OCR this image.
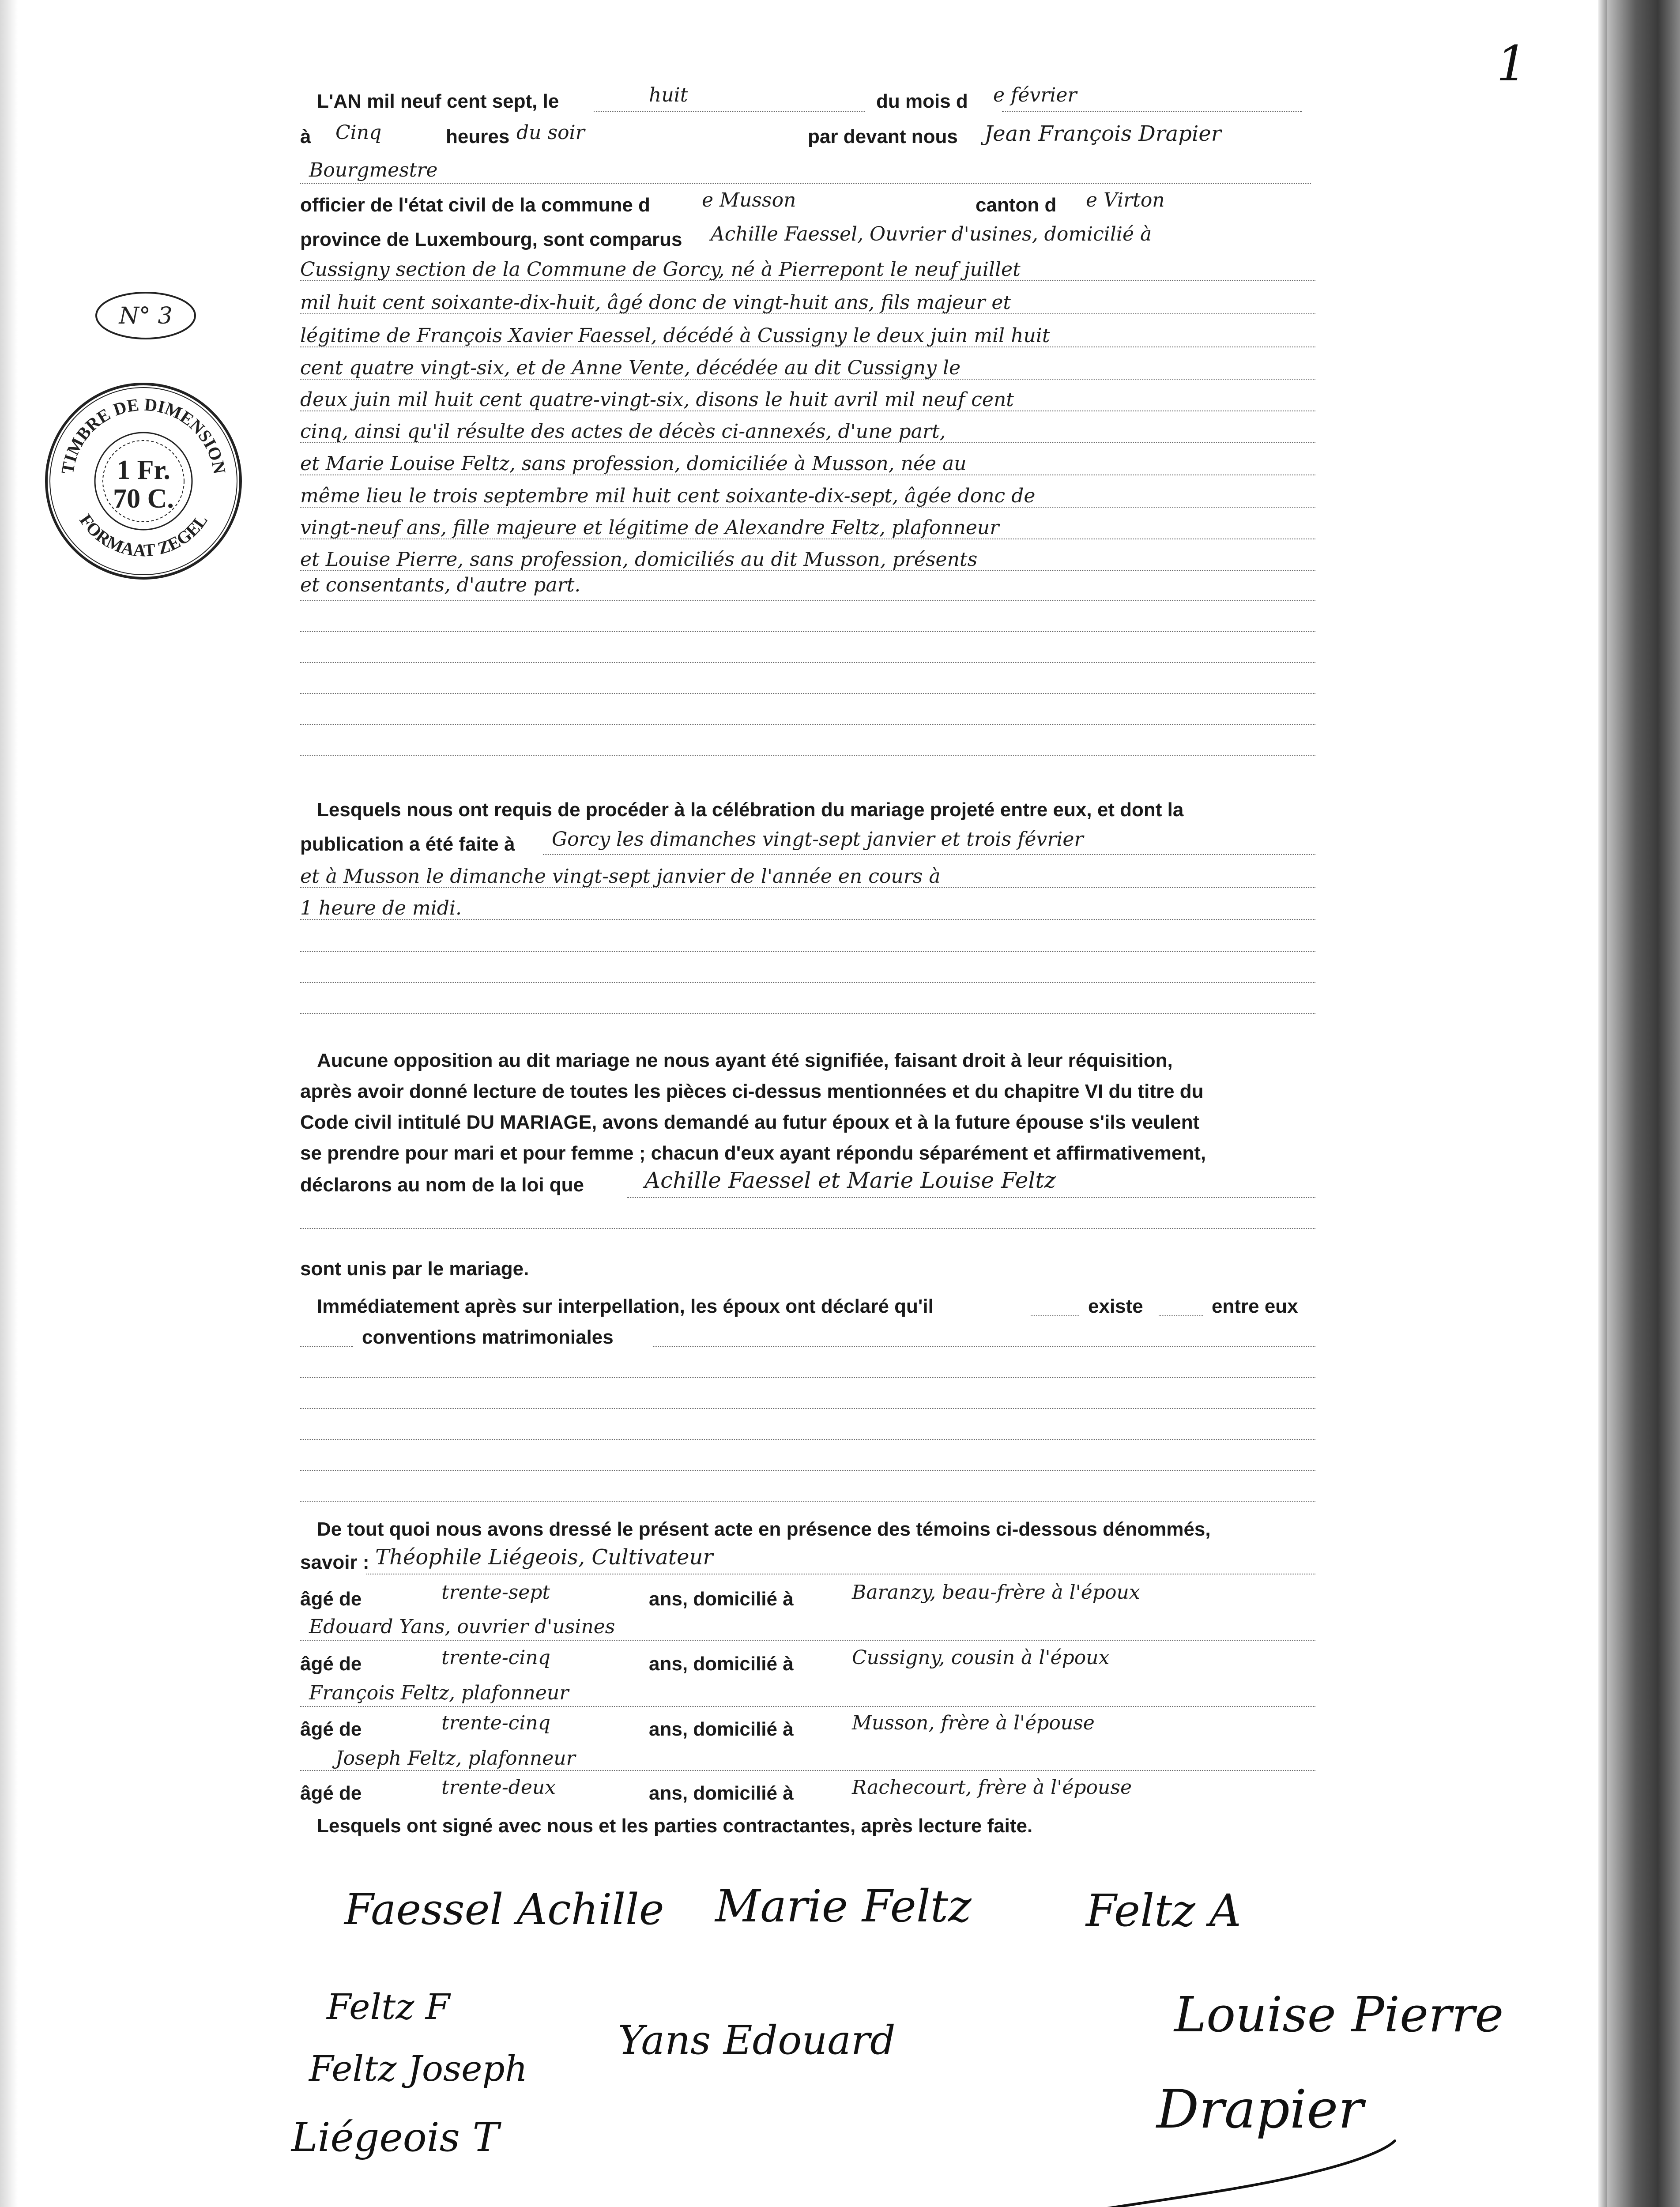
1
N° 3
TIMBRE DE DIMENSION
FORMAAT ZEGEL
1 Fr.
70 C.
L'AN mil neuf cent sept, le	huit	du mois d e février
à Cinq	heures du soir	par devant nous Jean François Drapier
Bourgmestre
officier de l'état civil de la commune d	e Musson	canton d e Virton
province de Luxembourg, sont comparus Achille Faessel, Ouvrier d'usines, domicilié à
Cussigny section de la Commune de Gorcy, né à Pierrepont le neuf juillet
mil huit cent soixante-dix-huit, âgé donc de vingt-huit ans, fils majeur et
légitime de François Xavier Faessel, décédé à Cussigny le deux juin mil huit
cent quatre vingt-six, et de Anne Vente, décédée au dit Cussigny le
deux juin mil huit cent quatre-vingt-six, disons le huit avril mil neuf cent
cinq, ainsi qu'il résulte des actes de décès ci-annexés, d'une part,
et Marie Louise Feltz, sans profession, domiciliée à Musson, née au
même lieu le trois septembre mil huit cent soixante-dix-sept, âgée donc de
vingt-neuf ans, fille majeure et légitime de Alexandre Feltz, plafonneur
et Louise Pierre, sans profession, domiciliés au dit Musson, présents
et consentants, d'autre part.
Lesquels nous ont requis de procéder à la célébration du mariage projeté entre eux, et dont la
publication a été faite à Gorcy les dimanches vingt-sept janvier et trois février
et à Musson le dimanche vingt-sept janvier de l'année en cours à
1 heure de midi.
Aucune opposition au dit mariage ne nous ayant été signifiée, faisant droit à leur réquisition,
après avoir donné lecture de toutes les pièces ci-dessus mentionnées et du chapitre VI du titre du
Code civil intitulé DU MARIAGE, avons demandé au futur époux et à la future épouse s'ils veulent
se prendre pour mari et pour femme ; chacun d'eux ayant répondu séparément et affirmativement,
déclarons au nom de la loi que	Achille Faessel et Marie Louise Feltz
sont unis par le mariage.
Immédiatement après sur interpellation, les époux ont déclaré qu'il	existe	entre eux
conventions matrimoniales
De tout quoi nous avons dressé le présent acte en présence des témoins ci-dessous dénommés,
savoir : Théophile Liégeois, Cultivateur
âgé de	trente-sept	ans, domicilié à	Baranzy, beau-frère à l'époux
Edouard Yans, ouvrier d'usines
âgé de	trente-cinq	ans, domicilié à	Cussigny, cousin à l'époux
François Feltz, plafonneur
âgé de	trente-cinq	ans, domicilié à	Musson, frère à l'épouse
Joseph Feltz, plafonneur
âgé de	trente-deux	ans, domicilié à	Rachecourt, frère à l'épouse
Lesquels ont signé avec nous et les parties contractantes, après lecture faite.
Faessel Achille Marie Feltz	Feltz A
Feltz F
Feltz Joseph
Liégeois T
Yans Edouard	Louise Pierre
Drapier
